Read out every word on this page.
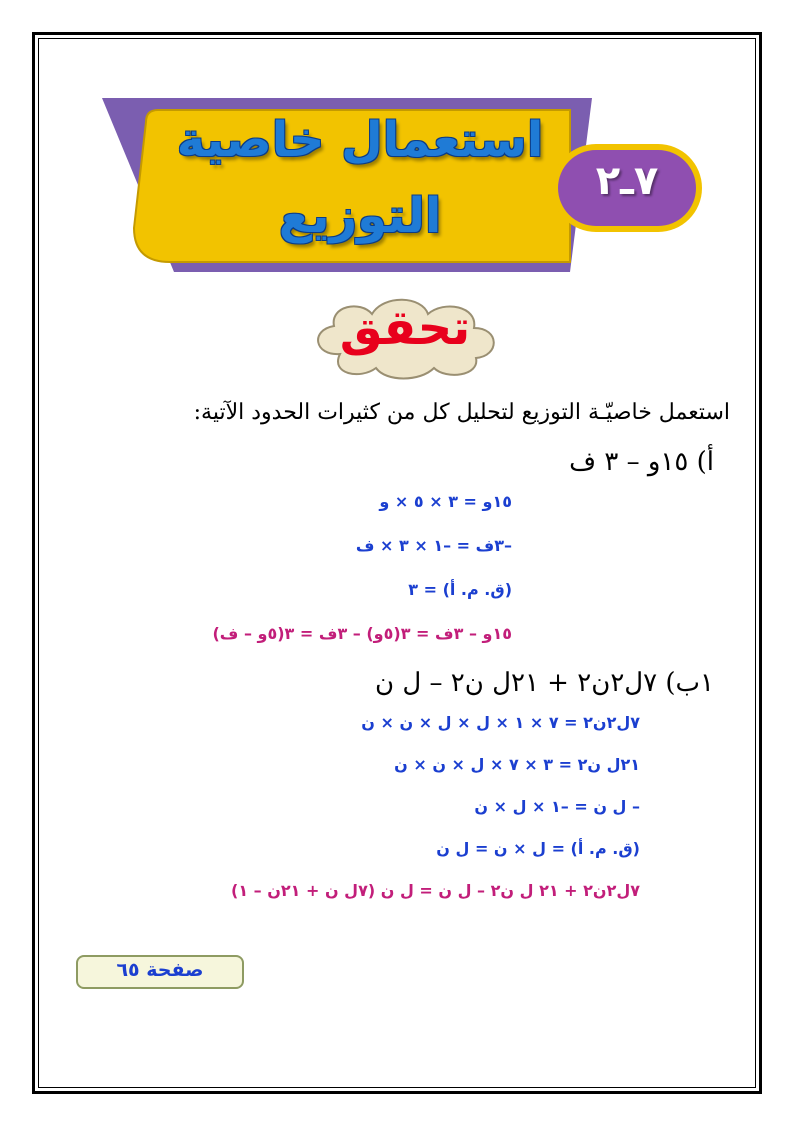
استعمال خاصية
التوزيع
٧ـ٢
تحقق
استعمل خاصيّـة التوزيع لتحليل كل من كثيرات الحدود الآتية:
أ) ١٥و – ٣ ف
١٥و = ٣ × ٥ × و
–٣ف = –١ × ٣ × ف
(ق. م. أ) = ٣
١٥و – ٣ف = ٣(٥و) – ٣ف = ٣(٥و – ف)
١ب) ٧ل٢ن٢ + ٢١ل ن٢ – ل ن
٧ل٢ن٢ = ٧ × ١ × ل × ل × ن × ن
٢١ل ن٢ = ٣ × ٧ × ل × ن × ن
– ل ن = –١ × ل × ن
(ق. م. أ) = ل × ن = ل ن
٧ل٢ن٢ + ٢١ ل ن٢ – ل ن = ل ن (٧ل ن + ٢١ن – ١)
صفحة ٦٥
